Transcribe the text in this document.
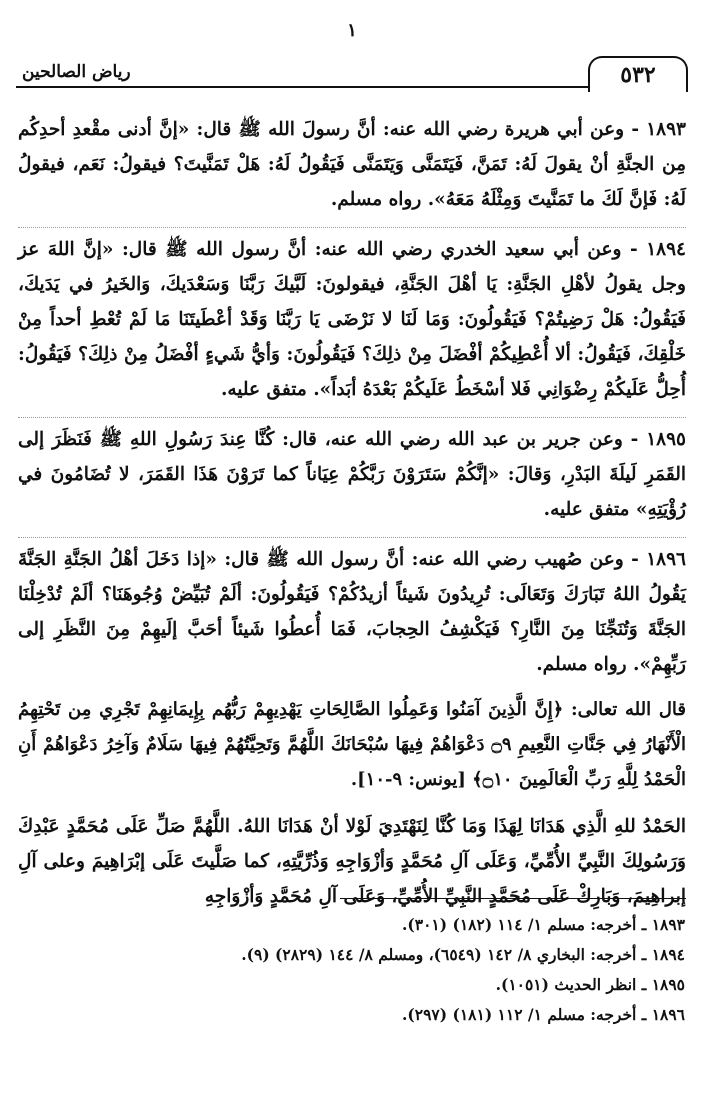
١
٥٣٢
رياض الصالحين

١٨٩٣ - وعن أبي هريرة رضي الله عنه: أنَّ رسولَ الله ﷺ قال: «إنَّ أدنى مقْعدِ أحدِكُم مِن الجنَّةِ أنْ يقولَ لَهُ: تَمَنَّ، فَيَتَمَنَّى وَيَتَمَنَّى فَيَقُولُ لَهُ: هَلْ تَمَنَّيتَ؟ فيقولُ: نَعَم، فيقولُ لَهُ: فَإنَّ لَكَ ما تَمَنَّيتَ وَمِثْلَهُ مَعَهُ». رواه مسلم.

١٨٩٤ - وعن أبي سعيد الخدري رضي الله عنه: أنَّ رسول الله ﷺ قال: «إنَّ اللهَ عز وجل يقولُ لأهْلِ الجَنَّةِ: يَا أهْلَ الجَنَّةِ، فيقولونَ: لَبَّيكَ رَبَّنَا وَسَعْدَيكَ، وَالخَيرُ في يَدَيكَ، فَيَقُولُ: هَلْ رَضِيتُمْ؟ فَيَقُولُونَ: وَمَا لَنَا لا نَرْضَى يَا رَبَّنَا وَقَدْ أعْطَيتَنَا مَا لَمْ تُعْطِ أحداً مِنْ خَلْقِكَ، فَيَقُولُ: ألا أُعْطِيكُمْ أفْضَلَ مِنْ ذلِكَ؟ فَيَقُولُونَ: وَأيُّ شَيءٍ أفْضَلُ مِنْ ذلِكَ؟ فَيَقُولُ: أُحِلُّ عَلَيكُمْ رِضْوَانِي فَلا أسْخَطُ عَلَيكُمْ بَعْدَهُ أبَداً». متفق عليه.

١٨٩٥ - وعن جرير بن عبد الله رضي الله عنه، قال: كُنَّا عِندَ رَسُولِ اللهِ ﷺ فَنَظَرَ إلى القَمَرِ لَيلَةَ البَدْرِ، وَقالَ: «إنَّكُمْ سَتَرَوْنَ رَبَّكُمْ عِيَاناً كما تَرَوْنَ هَذَا القَمَرَ، لا تُضَامُونَ في رُؤْيَتِهِ» متفق عليه.

١٨٩٦ - وعن صُهيب رضي الله عنه: أنَّ رسول الله ﷺ قال: «إذا دَخَلَ أهْلُ الجَنَّةِ الجَنَّةَ يَقُولُ اللهُ تَبَارَكَ وَتَعَالَى: تُرِيدُونَ شَيئاً أزيدُكُمْ؟ فَيَقُولُونَ: ألَمْ تُبَيِّضْ وُجُوهَنَا؟ ألَمْ تُدْخِلْنَا الجَنَّةَ وَتُنَجِّنَا مِنَ النَّارِ؟ فَيَكْشِفُ الحِجابَ، فَمَا أُعطُوا شَيئاً أحَبَّ إلَيهِمْ مِنَ النَّظَرِ إلى رَبِّهِمْ». رواه مسلم.

قال الله تعالى: ﴿إِنَّ الَّذِينَ آمَنُوا وَعَمِلُوا الصَّالِحَاتِ يَهْدِيهِمْ رَبُّهُم بِإِيمَانِهِمْ تَجْرِي مِن تَحْتِهِمُ الْأَنْهَارُ فِي جَنَّاتِ النَّعِيمِ ۝٩ دَعْوَاهُمْ فِيهَا سُبْحَانَكَ اللَّهُمَّ وَتَحِيَّتُهُمْ فِيهَا سَلَامٌ وَآخِرُ دَعْوَاهُمْ أَنِ الْحَمْدُ لِلَّهِ رَبِّ الْعَالَمِينَ ۝١٠﴾ [يونس: ٩-١٠].

الحَمْدُ للهِ الَّذِي هَدَانَا لِهَذَا وَمَا كُنَّا لِنَهْتَدِيَ لَوْلا أنْ هَدَانَا اللهُ. اللَّهُمَّ صَلِّ عَلَى مُحَمَّدٍ عَبْدِكَ وَرَسُولِكَ النَّبِيِّ الأُمِّيِّ، وَعَلَى آلِ مُحَمَّدٍ وَأزْوَاجِهِ وَذُرِّيَّتِهِ، كما صَلَّيتَ عَلَى إبْرَاهِيمَ وعلى آلِ إبراهِيمَ، وَبَارِكْ عَلَى مُحَمَّدٍ النَّبِيِّ الأُمِّيِّ، وَعَلَى آلِ مُحَمَّدٍ وَأزْوَاجِهِ

١٨٩٣ ـ أخرجه: مسلم ١/ ١١٤ (١٨٢) (٣٠١).

١٨٩٤ ـ أخرجه: البخاري ٨/ ١٤٢ (٦٥٤٩)، ومسلم ٨/ ١٤٤ (٢٨٢٩) (٩).

١٨٩٥ ـ انظر الحديث (١٠٥١).

١٨٩٦ ـ أخرجه: مسلم ١/ ١١٢ (١٨١) (٢٩٧).
